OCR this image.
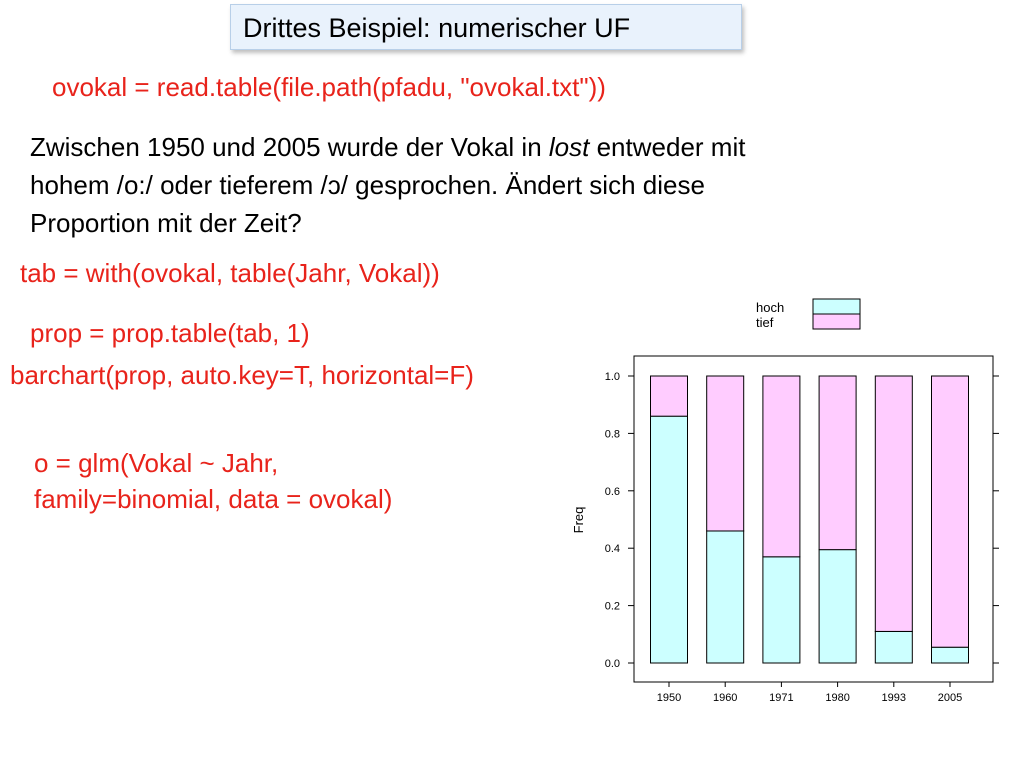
Drittes Beispiel: numerischer UF
ovokal = read.table(file.path(pfadu, "ovokal.txt"))
Zwischen 1950 und 2005 wurde der Vokal in lost entweder mit
hohem /o:/ oder tieferem /ɔ/ gesprochen. Ändert sich diese
Proportion mit der Zeit?
tab = with(ovokal, table(Jahr, Vokal))
prop = prop.table(tab, 1)
barchart(prop, auto.key=T, horizontal=F)
o = glm(Vokal ~ Jahr,
family=binomial, data = ovokal)
0.0
0.2
0.4
0.6
0.8
1.0
Freq
1950	1960	1971	1980	1993	2005
hoch
tief
